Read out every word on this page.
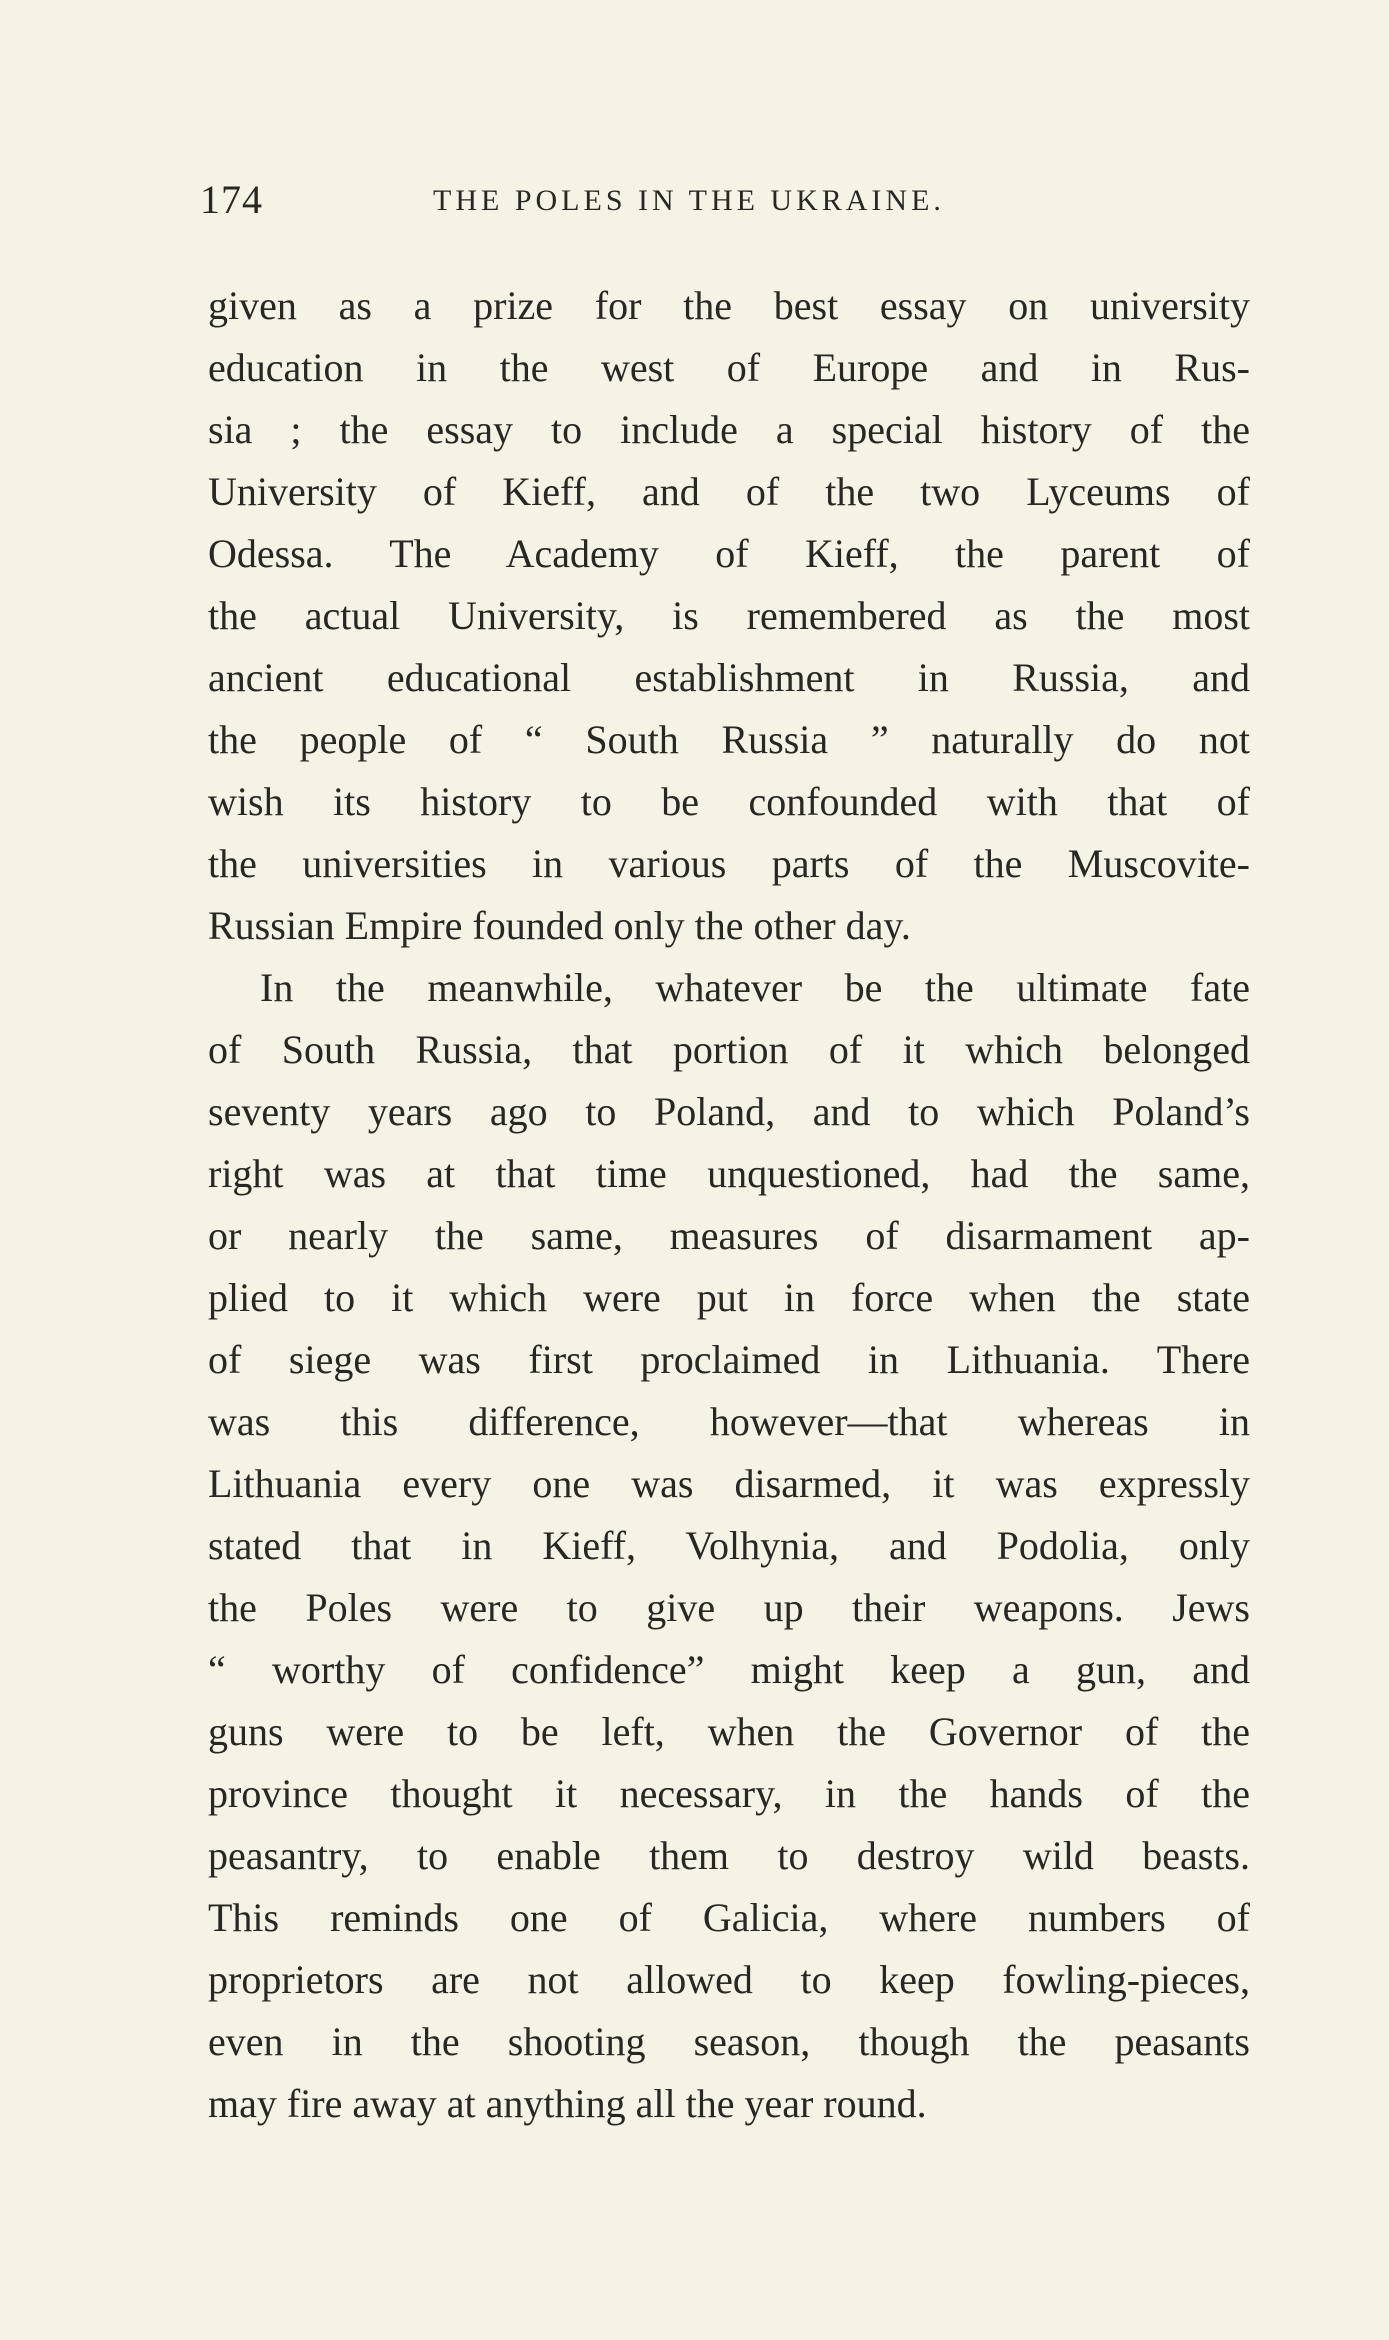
174	THE POLES IN THE UKRAINE.
given as a prize for the best essay on university
education in the west of Europe and in Rus-
sia ; the essay to include a special history of the
University of Kieff, and of the two Lyceums of
Odessa. The Academy of Kieff, the parent of
the actual University, is remembered as the most
ancient educational establishment in Russia, and
the people of “ South Russia ” naturally do not
wish its history to be confounded with that of
the universities in various parts of the Muscovite-
Russian Empire founded only the other day.
In the meanwhile, whatever be the ultimate fate
of South Russia, that portion of it which belonged
seventy years ago to Poland, and to which Poland’s
right was at that time unquestioned, had the same,
or nearly the same, measures of disarmament ap-
plied to it which were put in force when the state
of siege was first proclaimed in Lithuania. There
was this difference, however—that whereas in
Lithuania every one was disarmed, it was expressly
stated that in Kieff, Volhynia, and Podolia, only
the Poles were to give up their weapons. Jews
“ worthy of confidence” might keep a gun, and
guns were to be left, when the Governor of the
province thought it necessary, in the hands of the
peasantry, to enable them to destroy wild beasts.
This reminds one of Galicia, where numbers of
proprietors are not allowed to keep fowling-pieces,
even in the shooting season, though the peasants
may fire away at anything all the year round.
